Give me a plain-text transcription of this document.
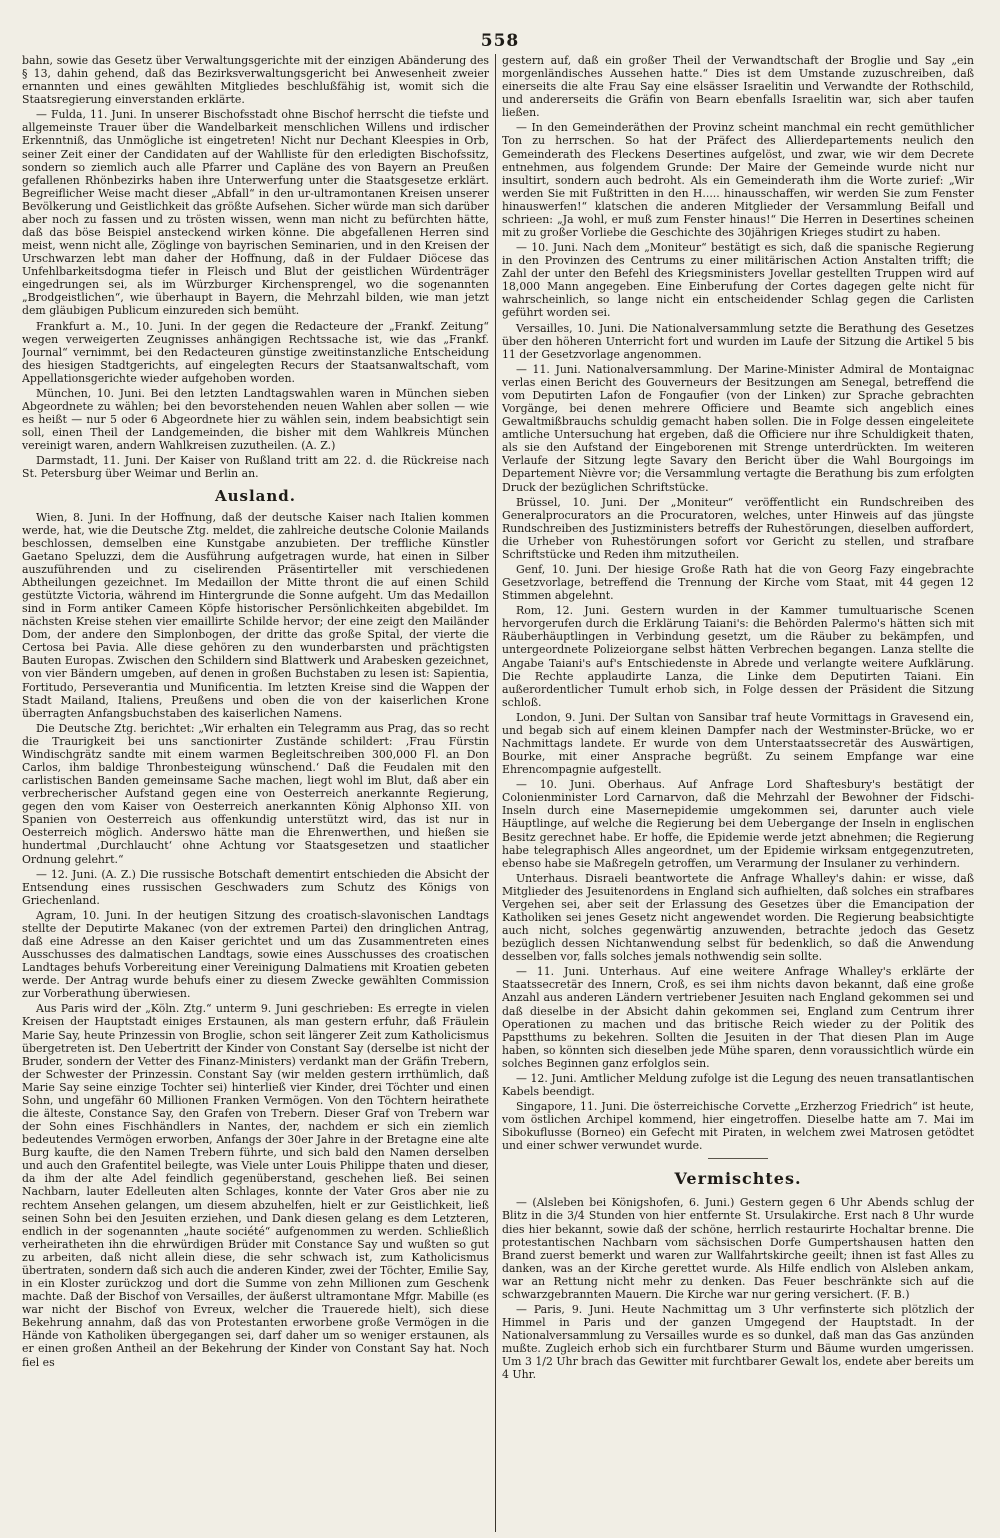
558

bahn, sowie das Gesetz über Verwaltungsgerichte mit der einzigen Abänderung des § 13, dahin gehend, daß das Bezirksverwaltungsgericht bei Anwesenheit zweier ernannten und eines gewählten Mitgliedes beschlußfähig ist, womit sich die Staatsregierung einverstanden erklärte.

— Fulda, 11. Juni. In unserer Bischofsstadt ohne Bischof herrscht die tiefste und allgemeinste Trauer über die Wandelbarkeit menschlichen Willens und irdischer Erkenntniß, das Unmögliche ist eingetreten! Nicht nur Dechant Kleespies in Orb, seiner Zeit einer der Candidaten auf der Wahlliste für den erledigten Bischofssitz, sondern so ziemlich auch alle Pfarrer und Capläne des von Bayern an Preußen gefallenen Rhönbezirks haben ihre Unterwerfung unter die Staatsgesetze erklärt. Begreiflicher Weise macht dieser „Abfall“ in den ur-ultramontanen Kreisen unserer Bevölkerung und Geistlichkeit das größte Aufsehen. Sicher würde man sich darüber aber noch zu fassen und zu trösten wissen, wenn man nicht zu befürchten hätte, daß das böse Beispiel ansteckend wirken könne. Die abgefallenen Herren sind meist, wenn nicht alle, Zöglinge von bayrischen Seminarien, und in den Kreisen der Urschwarzen lebt man daher der Hoffnung, daß in der Fuldaer Diöcese das Unfehlbarkeitsdogma tiefer in Fleisch und Blut der geistlichen Würdenträger eingedrungen sei, als im Würzburger Kirchensprengel, wo die sogenannten „Brodgeistlichen“, wie überhaupt in Bayern, die Mehrzahl bilden, wie man jetzt dem gläubigen Publicum einzureden sich bemüht.

Frankfurt a. M., 10. Juni. In der gegen die Redacteure der „Frankf. Zeitung“ wegen verweigerten Zeugnisses anhängigen Rechtssache ist, wie das „Frankf. Journal“ vernimmt, bei den Redacteuren günstige zweitinstanzliche Entscheidung des hiesigen Stadtgerichts, auf eingelegten Recurs der Staatsanwaltschaft, vom Appellationsgerichte wieder aufgehoben worden.

München, 10. Juni. Bei den letzten Landtagswahlen waren in München sieben Abgeordnete zu wählen; bei den bevorstehenden neuen Wahlen aber sollen — wie es heißt — nur 5 oder 6 Abgeordnete hier zu wählen sein, indem beabsichtigt sein soll, einen Theil der Landgemeinden, die bisher mit dem Wahlkreis München vereinigt waren, andern Wahlkreisen zuzutheilen. (A. Z.)

Darmstadt, 11. Juni. Der Kaiser von Rußland tritt am 22. d. die Rückreise nach St. Petersburg über Weimar und Berlin an.

Ausland.

Wien, 8. Juni. In der Hoffnung, daß der deutsche Kaiser nach Italien kommen werde, hat, wie die Deutsche Ztg. meldet, die zahlreiche deutsche Colonie Mailands beschlossen, demselben eine Kunstgabe anzubieten. Der treffliche Künstler Gaetano Speluzzi, dem die Ausführung aufgetragen wurde, hat einen in Silber auszuführenden und zu ciselirenden Präsentirteller mit verschiedenen Abtheilungen gezeichnet. Im Medaillon der Mitte thront die auf einen Schild gestützte Victoria, während im Hintergrunde die Sonne aufgeht. Um das Medaillon sind in Form antiker Cameen Köpfe historischer Persönlichkeiten abgebildet. Im nächsten Kreise stehen vier emaillirte Schilde hervor; der eine zeigt den Mailänder Dom, der andere den Simplonbogen, der dritte das große Spital, der vierte die Certosa bei Pavia. Alle diese gehören zu den wunderbarsten und prächtigsten Bauten Europas. Zwischen den Schildern sind Blattwerk und Arabesken gezeichnet, von vier Bändern umgeben, auf denen in großen Buchstaben zu lesen ist: Sapientia, Fortitudo, Perseverantia und Munificentia. Im letzten Kreise sind die Wappen der Stadt Mailand, Italiens, Preußens und oben die von der kaiserlichen Krone überragten Anfangsbuchstaben des kaiserlichen Namens.

Die Deutsche Ztg. berichtet: „Wir erhalten ein Telegramm aus Prag, das so recht die Traurigkeit bei uns sanctionirter Zustände schildert: ‚Frau Fürstin Windischgrätz sandte mit einem warmen Begleitschreiben 300,000 Fl. an Don Carlos, ihm baldige Thronbesteigung wünschend.‘ Daß die Feudalen mit den carlistischen Banden gemeinsame Sache machen, liegt wohl im Blut, daß aber ein verbrecherischer Aufstand gegen eine von Oesterreich anerkannte Regierung, gegen den vom Kaiser von Oesterreich anerkannten König Alphonso XII. von Spanien von Oesterreich aus offenkundig unterstützt wird, das ist nur in Oesterreich möglich. Anderswo hätte man die Ehrenwerthen, und hießen sie hundertmal ‚Durchlaucht‘ ohne Achtung vor Staatsgesetzen und staatlicher Ordnung gelehrt.“

— 12. Juni. (A. Z.) Die russische Botschaft dementirt entschieden die Absicht der Entsendung eines russischen Geschwaders zum Schutz des Königs von Griechenland.

Agram, 10. Juni. In der heutigen Sitzung des croatisch-slavonischen Landtags stellte der Deputirte Makanec (von der extremen Partei) den dringlichen Antrag, daß eine Adresse an den Kaiser gerichtet und um das Zusammentreten eines Ausschusses des dalmatischen Landtags, sowie eines Ausschusses des croatischen Landtages behufs Vorbereitung einer Vereinigung Dalmatiens mit Kroatien gebeten werde. Der Antrag wurde behufs einer zu diesem Zwecke gewählten Commission zur Vorberathung überwiesen.

Aus Paris wird der „Köln. Ztg.“ unterm 9. Juni geschrieben: Es erregte in vielen Kreisen der Hauptstadt einiges Erstaunen, als man gestern erfuhr, daß Fräulein Marie Say, heute Prinzessin von Broglie, schon seit längerer Zeit zum Katholicismus übergetreten ist. Den Uebertritt der Kinder von Constant Say (derselbe ist nicht der Bruder, sondern der Vetter des Finanz-Ministers) verdankt man der Gräfin Trebern, der Schwester der Prinzessin. Constant Say (wir melden gestern irrthümlich, daß Marie Say seine einzige Tochter sei) hinterließ vier Kinder, drei Töchter und einen Sohn, und ungefähr 60 Millionen Franken Vermögen. Von den Töchtern heirathete die älteste, Constance Say, den Grafen von Trebern. Dieser Graf von Trebern war der Sohn eines Fischhändlers in Nantes, der, nachdem er sich ein ziemlich bedeutendes Vermögen erworben, Anfangs der 30er Jahre in der Bretagne eine alte Burg kaufte, die den Namen Trebern führte, und sich bald den Namen derselben und auch den Grafentitel beilegte, was Viele unter Louis Philippe thaten und dieser, da ihm der alte Adel feindlich gegenüberstand, geschehen ließ. Bei seinen Nachbarn, lauter Edelleuten alten Schlages, konnte der Vater Gros aber nie zu rechtem Ansehen gelangen, um diesem abzuhelfen, hielt er zur Geistlichkeit, ließ seinen Sohn bei den Jesuiten erziehen, und Dank diesen gelang es dem Letzteren, endlich in der sogenannten „haute société“ aufgenommen zu werden. Schließlich verheiratheten ihn die ehrwürdigen Brüder mit Constance Say und wußten so gut zu arbeiten, daß nicht allein diese, die sehr schwach ist, zum Katholicismus übertraten, sondern daß sich auch die anderen Kinder, zwei der Töchter, Emilie Say, in ein Kloster zurückzog und dort die Summe von zehn Millionen zum Geschenk machte. Daß der Bischof von Versailles, der äußerst ultramontane Mfgr. Mabille (es war nicht der Bischof von Evreux, welcher die Trauerede hielt), sich diese Bekehrung annahm, daß das von Protestanten erworbene große Vermögen in die Hände von Katholiken übergegangen sei, darf daher um so weniger erstaunen, als er einen großen Antheil an der Bekehrung der Kinder von Constant Say hat. Noch fiel es

gestern auf, daß ein großer Theil der Verwandtschaft der Broglie und Say „ein morgenländisches Aussehen hatte.“ Dies ist dem Umstande zuzuschreiben, daß einerseits die alte Frau Say eine elsässer Israelitin und Verwandte der Rothschild, und andererseits die Gräfin von Bearn ebenfalls Israelitin war, sich aber taufen ließen.

— In den Gemeinderäthen der Provinz scheint manchmal ein recht gemüthlicher Ton zu herrschen. So hat der Präfect des Allierdepartements neulich den Gemeinderath des Fleckens Desertines aufgelöst, und zwar, wie wir dem Decrete entnehmen, aus folgendem Grunde: Der Maire der Gemeinde wurde nicht nur insultirt, sondern auch bedroht. Als ein Gemeinderath ihm die Worte zurief: „Wir werden Sie mit Fußtritten in den H..... hinausschaffen, wir werden Sie zum Fenster hinauswerfen!“ klatschen die anderen Mitglieder der Versammlung Beifall und schrieen: „Ja wohl, er muß zum Fenster hinaus!“ Die Herren in Desertines scheinen mit zu großer Vorliebe die Geschichte des 30jährigen Krieges studirt zu haben.

— 10. Juni. Nach dem „Moniteur“ bestätigt es sich, daß die spanische Regierung in den Provinzen des Centrums zu einer militärischen Action Anstalten trifft; die Zahl der unter den Befehl des Kriegsministers Jovellar gestellten Truppen wird auf 18,000 Mann angegeben. Eine Einberufung der Cortes dagegen gelte nicht für wahrscheinlich, so lange nicht ein entscheidender Schlag gegen die Carlisten geführt worden sei.

Versailles, 10. Juni. Die Nationalversammlung setzte die Berathung des Gesetzes über den höheren Unterricht fort und wurden im Laufe der Sitzung die Artikel 5 bis 11 der Gesetzvorlage angenommen.

— 11. Juni. Nationalversammlung. Der Marine-Minister Admiral de Montaignac verlas einen Bericht des Gouverneurs der Besitzungen am Senegal, betreffend die vom Deputirten Lafon de Fongaufier (von der Linken) zur Sprache gebrachten Vorgänge, bei denen mehrere Officiere und Beamte sich angeblich eines Gewaltmißbrauchs schuldig gemacht haben sollen. Die in Folge dessen eingeleitete amtliche Untersuchung hat ergeben, daß die Officiere nur ihre Schuldigkeit thaten, als sie den Aufstand der Eingeborenen mit Strenge unterdrückten. Im weiteren Verlaufe der Sitzung legte Savary den Bericht über die Wahl Bourgoings im Departement Nièvre vor; die Versammlung vertagte die Berathung bis zum erfolgten Druck der bezüglichen Schriftstücke.

Brüssel, 10. Juni. Der „Moniteur“ veröffentlicht ein Rundschreiben des Generalprocurators an die Procuratoren, welches, unter Hinweis auf das jüngste Rundschreiben des Justizministers betreffs der Ruhestörungen, dieselben auffordert, die Urheber von Ruhestörungen sofort vor Gericht zu stellen, und strafbare Schriftstücke und Reden ihm mitzutheilen.

Genf, 10. Juni. Der hiesige Große Rath hat die von Georg Fazy eingebrachte Gesetzvorlage, betreffend die Trennung der Kirche vom Staat, mit 44 gegen 12 Stimmen abgelehnt.

Rom, 12. Juni. Gestern wurden in der Kammer tumultuarische Scenen hervorgerufen durch die Erklärung Taiani's: die Behörden Palermo's hätten sich mit Räuberhäuptlingen in Verbindung gesetzt, um die Räuber zu bekämpfen, und untergeordnete Polizeiorgane selbst hätten Verbrechen begangen. Lanza stellte die Angabe Taiani's auf's Entschiedenste in Abrede und verlangte weitere Aufklärung. Die Rechte applaudirte Lanza, die Linke dem Deputirten Taiani. Ein außerordentlicher Tumult erhob sich, in Folge dessen der Präsident die Sitzung schloß.

London, 9. Juni. Der Sultan von Sansibar traf heute Vormittags in Gravesend ein, und begab sich auf einem kleinen Dampfer nach der Westminster-Brücke, wo er Nachmittags landete. Er wurde von dem Unterstaatssecretär des Auswärtigen, Bourke, mit einer Ansprache begrüßt. Zu seinem Empfange war eine Ehrencompagnie aufgestellt.

— 10. Juni. Oberhaus. Auf Anfrage Lord Shaftesbury's bestätigt der Colonienminister Lord Carnarvon, daß die Mehrzahl der Bewohner der Fidschi-Inseln durch eine Masernepidemie umgekommen sei, darunter auch viele Häuptlinge, auf welche die Regierung bei dem Uebergange der Inseln in englischen Besitz gerechnet habe. Er hoffe, die Epidemie werde jetzt abnehmen; die Regierung habe telegraphisch Alles angeordnet, um der Epidemie wirksam entgegenzutreten, ebenso habe sie Maßregeln getroffen, um Verarmung der Insulaner zu verhindern.

Unterhaus. Disraeli beantwortete die Anfrage Whalley's dahin: er wisse, daß Mitglieder des Jesuitenordens in England sich aufhielten, daß solches ein strafbares Vergehen sei, aber seit der Erlassung des Gesetzes über die Emancipation der Katholiken sei jenes Gesetz nicht angewendet worden. Die Regierung beabsichtigte auch nicht, solches gegenwärtig anzuwenden, betrachte jedoch das Gesetz bezüglich dessen Nichtanwendung selbst für bedenklich, so daß die Anwendung desselben vor, falls solches jemals nothwendig sein sollte.

— 11. Juni. Unterhaus. Auf eine weitere Anfrage Whalley's erklärte der Staatssecretär des Innern, Croß, es sei ihm nichts davon bekannt, daß eine große Anzahl aus anderen Ländern vertriebener Jesuiten nach England gekommen sei und daß dieselbe in der Absicht dahin gekommen sei, England zum Centrum ihrer Operationen zu machen und das britische Reich wieder zu der Politik des Papstthums zu bekehren. Sollten die Jesuiten in der That diesen Plan im Auge haben, so könnten sich dieselben jede Mühe sparen, denn voraussichtlich würde ein solches Beginnen ganz erfolglos sein.

— 12. Juni. Amtlicher Meldung zufolge ist die Legung des neuen transatlantischen Kabels beendigt.

Singapore, 11. Juni. Die österreichische Corvette „Erzherzog Friedrich“ ist heute, vom östlichen Archipel kommend, hier eingetroffen. Dieselbe hatte am 7. Mai im Sibokuflusse (Borneo) ein Gefecht mit Piraten, in welchem zwei Matrosen getödtet und einer schwer verwundet wurde.

Vermischtes.

— (Alsleben bei Königshofen, 6. Juni.) Gestern gegen 6 Uhr Abends schlug der Blitz in die 3/4 Stunden von hier entfernte St. Ursulakirche. Erst nach 8 Uhr wurde dies hier bekannt, sowie daß der schöne, herrlich restaurirte Hochaltar brenne. Die protestantischen Nachbarn vom sächsischen Dorfe Gumpertshausen hatten den Brand zuerst bemerkt und waren zur Wallfahrtskirche geeilt; ihnen ist fast Alles zu danken, was an der Kirche gerettet wurde. Als Hilfe endlich von Alsleben ankam, war an Rettung nicht mehr zu denken. Das Feuer beschränkte sich auf die schwarzgebrannten Mauern. Die Kirche war nur gering versichert. (F. B.)

— Paris, 9. Juni. Heute Nachmittag um 3 Uhr verfinsterte sich plötzlich der Himmel in Paris und der ganzen Umgegend der Hauptstadt. In der Nationalversammlung zu Versailles wurde es so dunkel, daß man das Gas anzünden mußte. Zugleich erhob sich ein furchtbarer Sturm und Bäume wurden umgerissen. Um 3 1/2 Uhr brach das Gewitter mit furchtbarer Gewalt los, endete aber bereits um 4 Uhr.
